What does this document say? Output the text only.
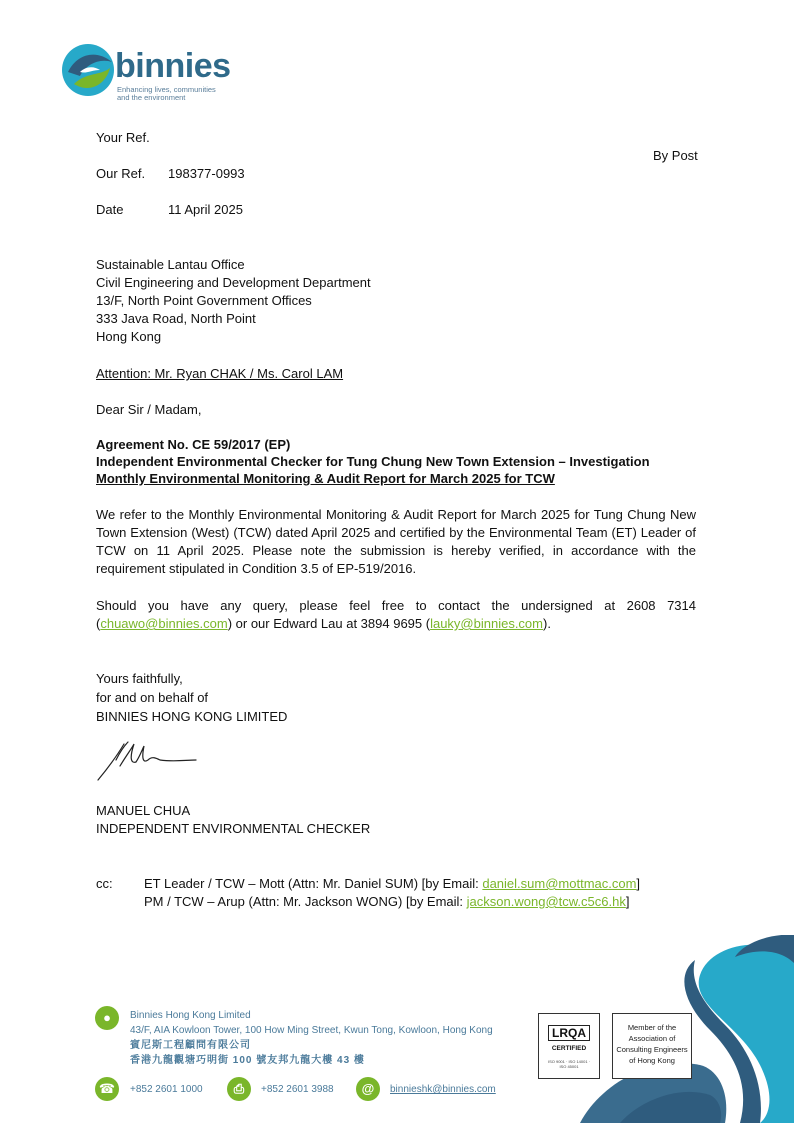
binnies
Enhancing lives, communities
and the environment
Your Ref.
By Post
Our Ref. 198377-0993
Date	11 April 2025
Sustainable Lantau Office
Civil Engineering and Development Department
13/F, North Point Government Offices
333 Java Road, North Point
Hong Kong
Attention: Mr. Ryan CHAK / Ms. Carol LAM
Dear Sir / Madam,
Agreement No. CE 59/2017 (EP)
Independent Environmental Checker for Tung Chung New Town Extension – Investigation
Monthly Environmental Monitoring & Audit Report for March 2025 for TCW
We refer to the Monthly Environmental Monitoring & Audit Report for March 2025 for Tung Chung New Town Extension (West) (TCW) dated April 2025 and certified by the Environmental Team (ET) Leader of TCW on 11 April 2025. Please note the submission is hereby verified, in accordance with the requirement stipulated in Condition 3.5 of EP-519/2016.
Should you have any query, please feel free to contact the undersigned at 2608 7314 (chuawo@binnies.com) or our Edward Lau at 3894 9695 (lauky@binnies.com).
Yours faithfully,
for and on behalf of
BINNIES HONG KONG LIMITED
MANUEL CHUA
INDEPENDENT ENVIRONMENTAL CHECKER
cc: ET Leader / TCW – Mott (Attn: Mr. Daniel SUM) [by Email: daniel.sum@mottmac.com]
PM / TCW – Arup (Attn: Mr. Jackson WONG) [by Email: jackson.wong@tcw.c5c6.hk]
●	Binnies Hong Kong Limited
43/F, AIA Kowloon Tower, 100 How Ming Street, Kwun Tong, Kowloon, Hong Kong
賓尼斯工程顧問有限公司
香港九龍觀塘巧明街 100 號友邦九龍大樓 43 樓
☎	+852 2601 1000	⎙	+852 2601 3988	@	binnieshk@binnies.com
LRQA
CERTIFIED
ISO 9001 · ISO 14001 · ISO 45001
Member of the Association of Consulting Engineers of Hong Kong
